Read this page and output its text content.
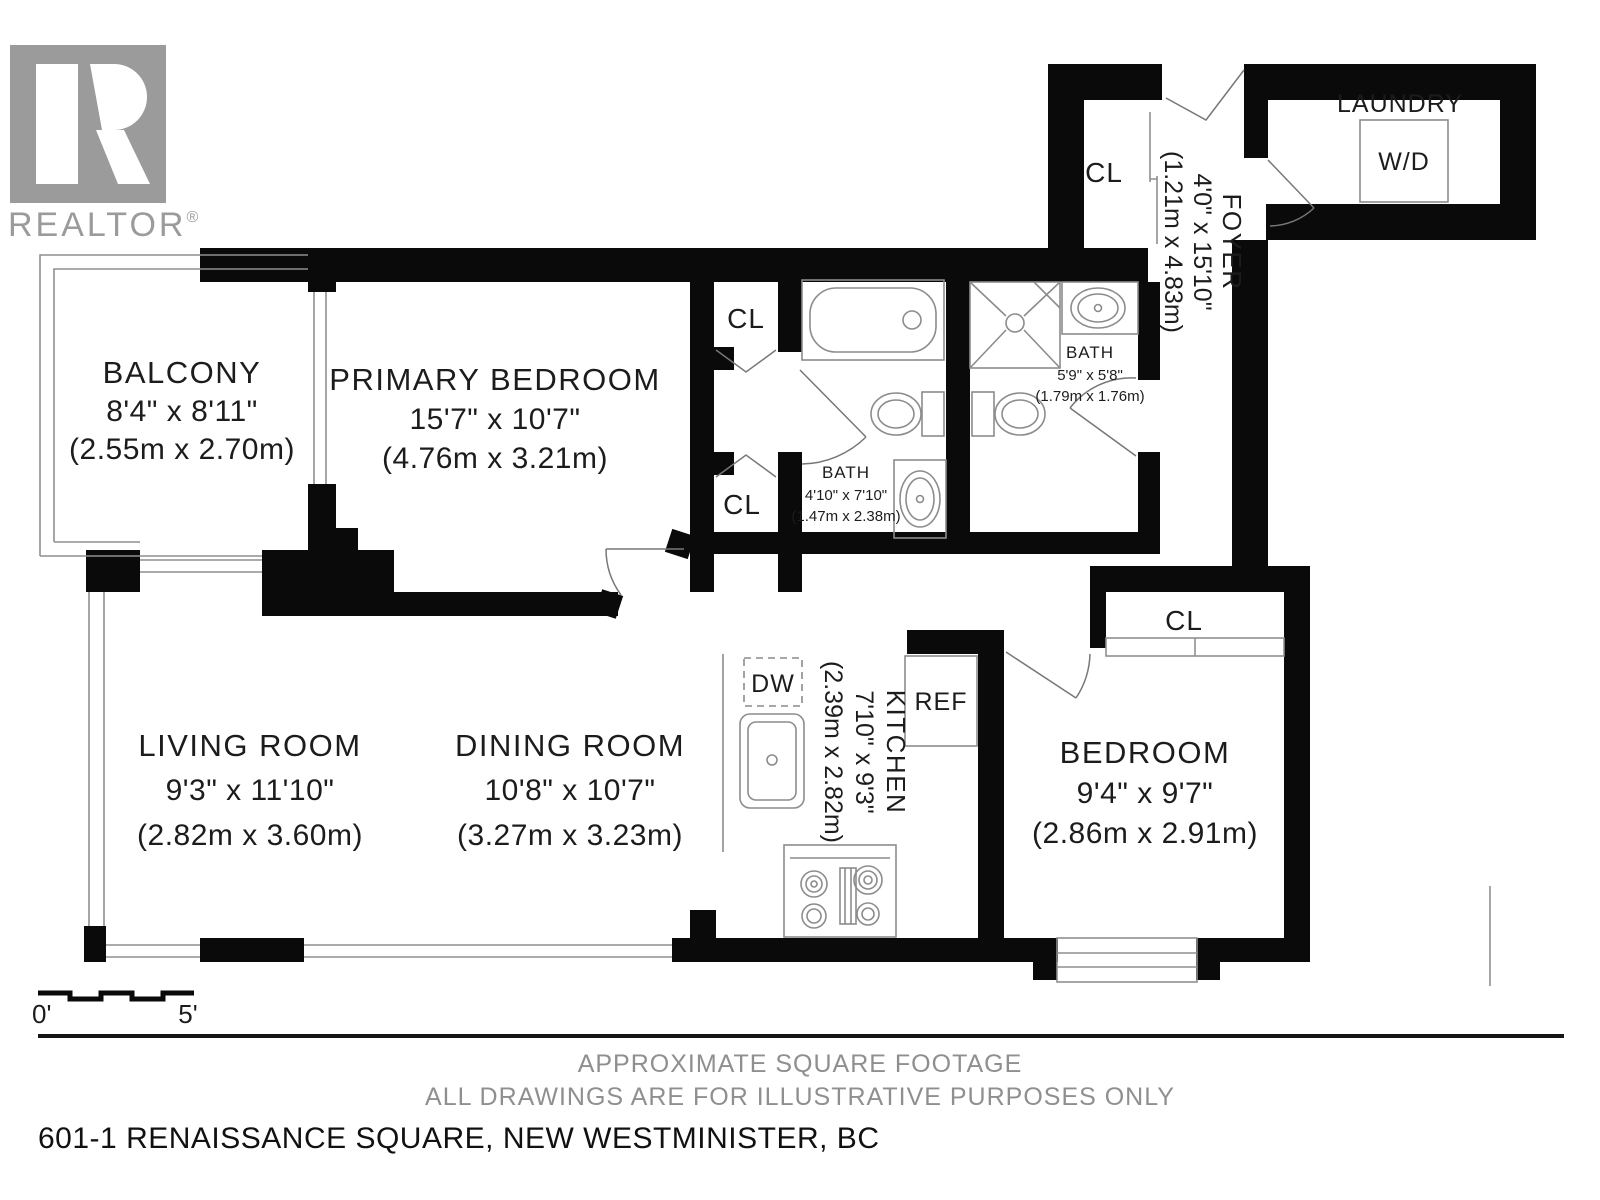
REALTOR®
BALCONY
8'4" x 8'11"
(2.55m x 2.70m)
PRIMARY BEDROOM
15'7" x 10'7"
(4.76m x 3.21m)
LIVING ROOM
9'3" x 11'10"
(2.82m x 3.60m)
DINING ROOM
10'8" x 10'7"
(3.27m x 3.23m)
BEDROOM
9'4" x 9'7"
(2.86m x 2.91m)
LAUNDRY
W/D
FOYER
4'0" x 15'10"
(1.21m x 4.83m)
KITCHEN
7'10" x 9'3"
(2.39m x 2.82m)
BATH
5'9" x 5'8"
(1.79m x 1.76m)
BATH
4'10" x 7'10"
(1.47m x 2.38m)
CL
CL
CL
CL
DW
REF
0'	5'
APPROXIMATE SQUARE FOOTAGE
ALL DRAWINGS ARE FOR ILLUSTRATIVE PURPOSES ONLY
601-1 RENAISSANCE SQUARE, NEW WESTMINISTER, BC
